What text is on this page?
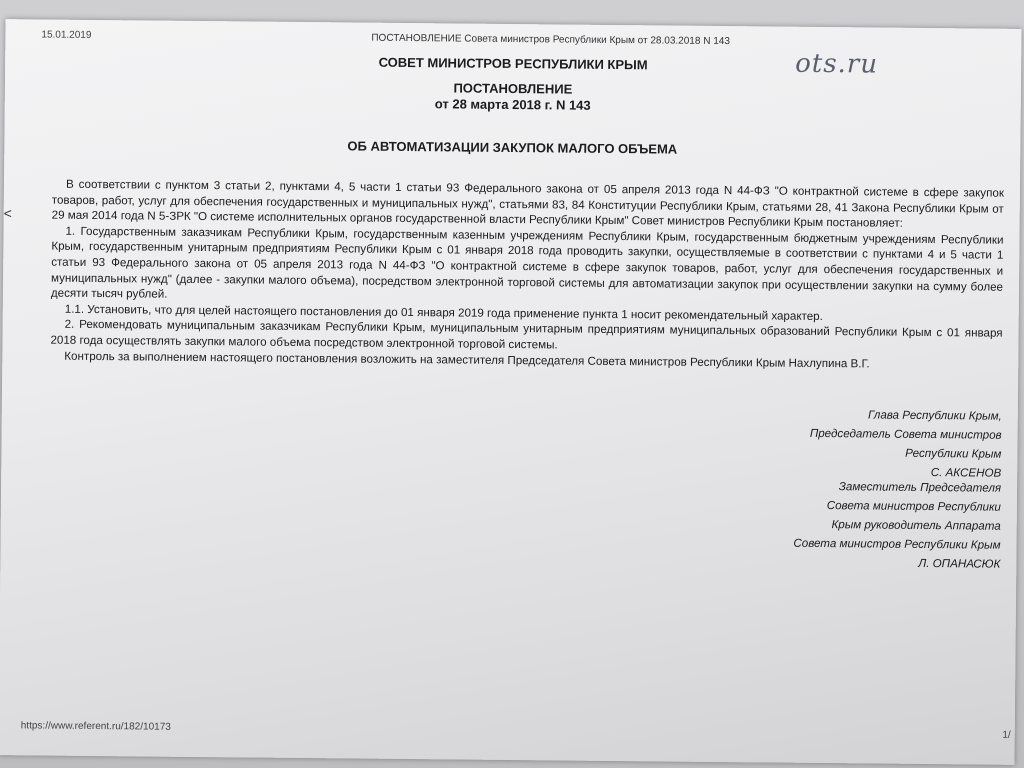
15.01.2019	ПОСТАНОВЛЕНИЕ Совета министров Республики Крым от 28.03.2018 N 143
ots.ru
СОВЕТ МИНИСТРОВ РЕСПУБЛИКИ КРЫМ
ПОСТАНОВЛЕНИЕ
от 28 марта 2018 г. N 143
ОБ АВТОМАТИЗАЦИИ ЗАКУПОК МАЛОГО ОБЪЕМА

В соответствии с пунктом 3 статьи 2, пунктами 4, 5 части 1 статьи 93 Федерального закона от 05 апреля 2013 года N 44-ФЗ "О контрактной системе в сфере закупок товаров, работ, услуг для обеспечения государственных и муниципальных нужд", статьями 83, 84 Конституции Республики Крым, статьями 28, 41 Закона Республики Крым от 29 мая 2014 года N 5-ЗРК "О системе исполнительных органов государственной власти Республики Крым" Совет министров Республики Крым постановляет:

1. Государственным заказчикам Республики Крым, государственным казенным учреждениям Республики Крым, государственным бюджетным учреждениям Республики Крым, государственным унитарным предприятиям Республики Крым с 01 января 2018 года проводить закупки, осуществляемые в соответствии с пунктами 4 и 5 части 1 статьи 93 Федерального закона от 05 апреля 2013 года N 44-ФЗ "О контрактной системе в сфере закупок товаров, работ, услуг для обеспечения государственных и муниципальных нужд" (далее - закупки малого объема), посредством электронной торговой системы для автоматизации закупок при осуществлении закупки на сумму более десяти тысяч рублей.

1.1. Установить, что для целей настоящего постановления до 01 января 2019 года применение пункта 1 носит рекомендательный характер.

2. Рекомендовать муниципальным заказчикам Республики Крым, муниципальным унитарным предприятиям муниципальных образований Республики Крым с 01 января 2018 года осуществлять закупки малого объема посредством электронной торговой системы.

Контроль за выполнением настоящего постановления возложить на заместителя Председателя Совета министров Республики Крым Нахлупина В.Г.

Глава Республики Крым,
Председатель Совета министров
Республики Крым
С. АКСЕНОВ
Заместитель Председателя
Совета министров Республики
Крым руководитель Аппарата
Совета министров Республики Крым
Л. ОПАНАСЮК
https://www.referent.ru/182/10173
1/
<
